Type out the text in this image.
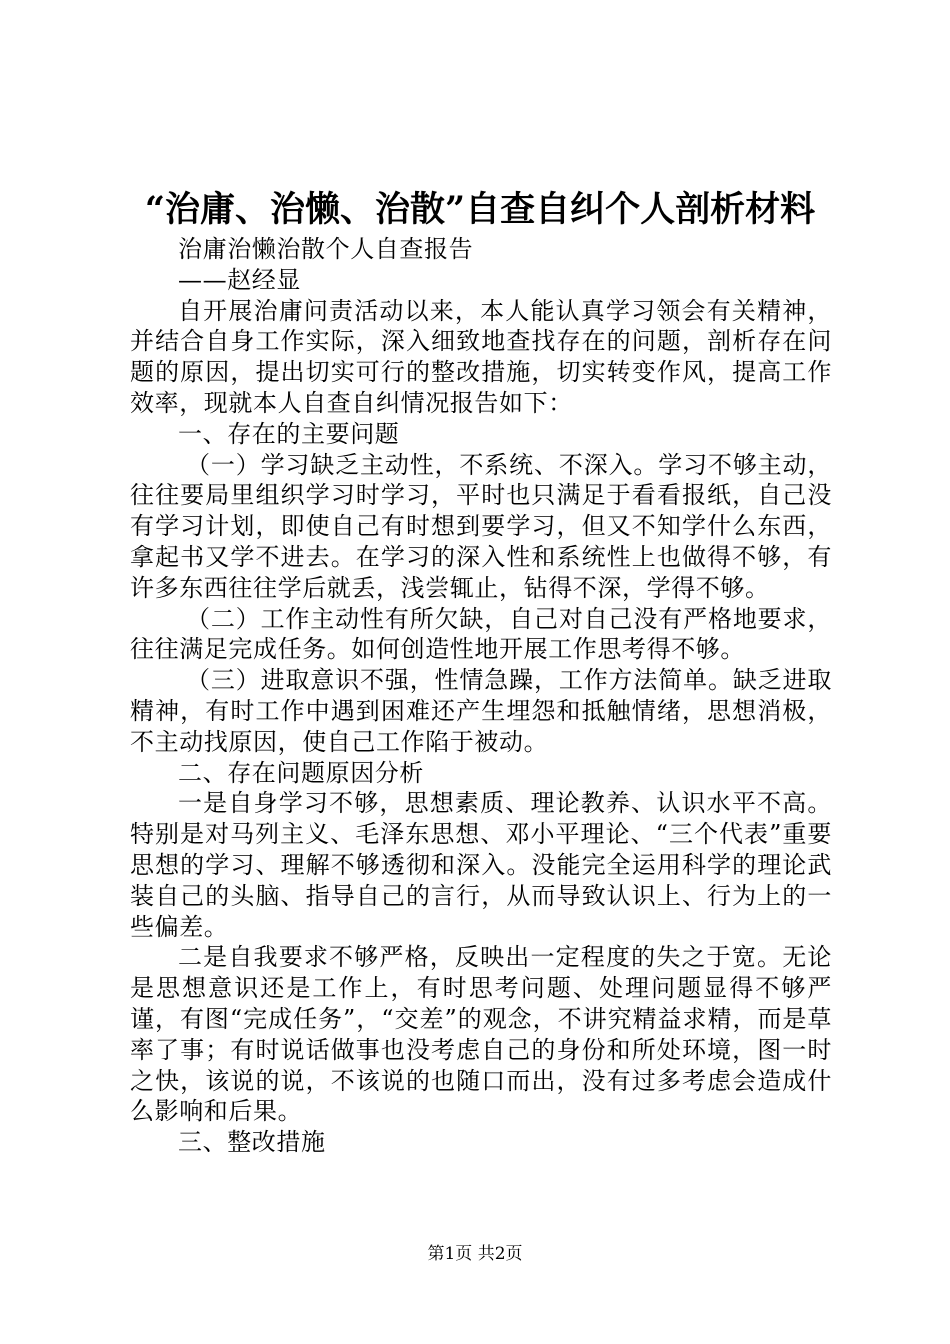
“治庸、治懒、治散”自查自纠个人剖析材料

治庸治懒治散个人自查报告

——赵经显

自开展治庸问责活动以来，本人能认真学习领会有关精神，并结合自身工作实际，深入细致地查找存在的问题，剖析存在问题的原因，提出切实可行的整改措施，切实转变作风，提高工作效率，现就本人自查自纠情况报告如下：

一、存在的主要问题

（一）学习缺乏主动性，不系统、不深入。学习不够主动，往往要局里组织学习时学习，平时也只满足于看看报纸，自己没有学习计划，即使自己有时想到要学习，但又不知学什么东西，拿起书又学不进去。在学习的深入性和系统性上也做得不够，有许多东西往往学后就丢，浅尝辄止，钻得不深，学得不够。

（二）工作主动性有所欠缺，自己对自己没有严格地要求，往往满足完成任务。如何创造性地开展工作思考得不够。

（三）进取意识不强，性情急躁，工作方法简单。缺乏进取精神，有时工作中遇到困难还产生埋怨和抵触情绪，思想消极，不主动找原因，使自己工作陷于被动。

二、存在问题原因分析

一是自身学习不够，思想素质、理论教养、认识水平不高。特别是对马列主义、毛泽东思想、邓小平理论、“三个代表”重要思想的学习、理解不够透彻和深入。没能完全运用科学的理论武装自己的头脑、指导自己的言行，从而导致认识上、行为上的一些偏差。

二是自我要求不够严格，反映出一定程度的失之于宽。无论是思想意识还是工作上，有时思考问题、处理问题显得不够严谨，有图“完成任务”，“交差”的观念，不讲究精益求精，而是草率了事；有时说话做事也没考虑自己的身份和所处环境，图一时之快，该说的说，不该说的也随口而出，没有过多考虑会造成什么影响和后果。

三、整改措施

第1页 共2页
